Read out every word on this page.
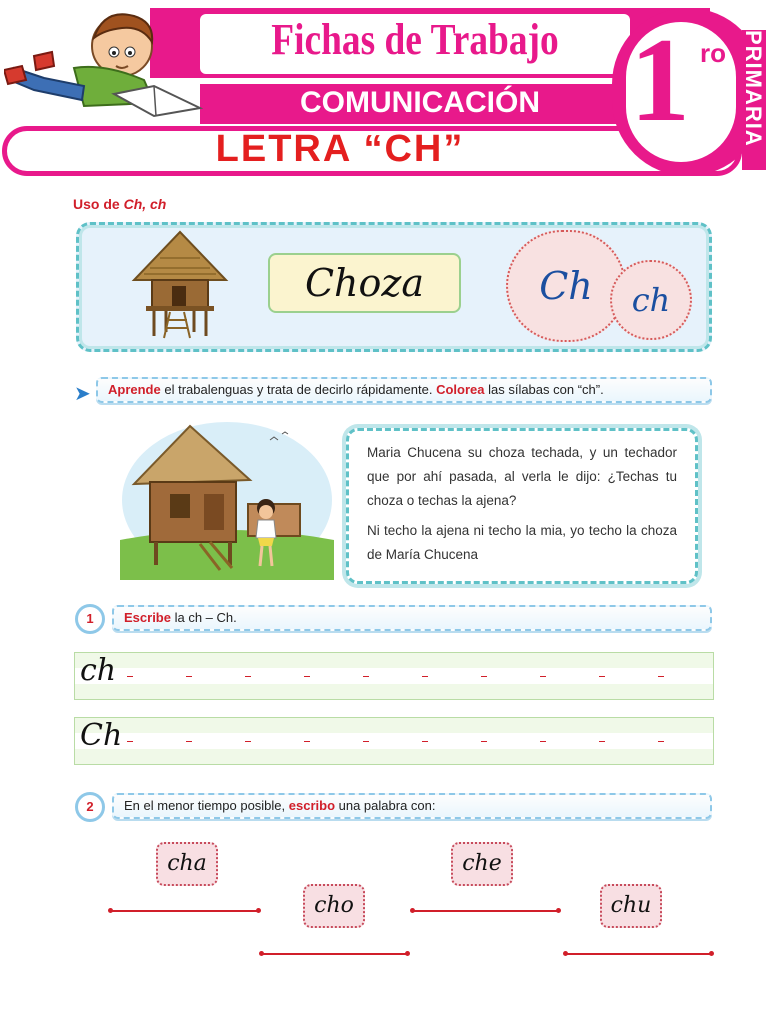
Fichas de Trabajo
COMUNICACIÓN
LETRA “CH”
1 ro PRIMARIA
Uso de Ch, ch
Choza	Ch	ch
➤	Aprende el trabalenguas y trata de decirlo rápidamente. Colorea las sílabas con “ch”.

Maria Chucena su choza techada, y un techador que por ahí pasada, al verla le dijo: ¿Techas tu choza o techas la ajena?

Ni techo la ajena ni techo la mia, yo techo la choza de María Chucena

1	Escribe la ch – Ch.
ch
Ch
2	En el menor tiempo posible, escribo una palabra con:
cha	che
cho	chu
